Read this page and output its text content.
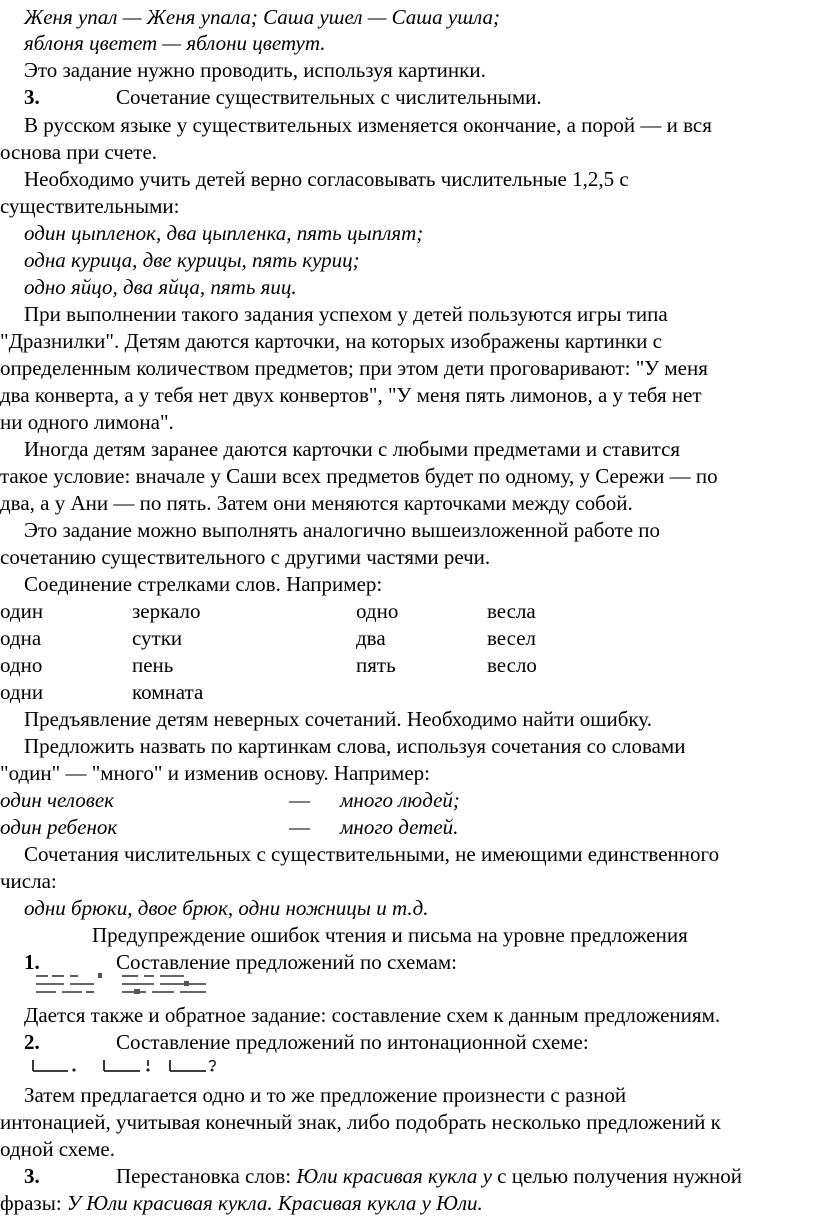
Женя упал — Женя упала; Саша ушел — Саша ушла;
яблоня цветет — яблони цветут.
Это задание нужно проводить, используя картинки.
3.	Сочетание существительных с числительными.
В русском языке у существительных изменяется окончание, а порой — и вся
основа при счете.
Необходимо учить детей верно согласовывать числительные 1,2,5 с
существительными:
один цыпленок, два цыпленка, пять цыплят;
одна курица, две курицы, пять куриц;
одно яйцо, два яйца, пять яиц.
При выполнении такого задания успехом у детей пользуются игры типа
"Дразнилки". Детям даются карточки, на которых изображены картинки с
определенным количеством предметов; при этом дети проговаривают: "У меня
два конверта, а у тебя нет двух конвертов", "У меня пять лимонов, а у тебя нет
ни одного лимона".
Иногда детям заранее даются карточки с любыми предметами и ставится
такое условие: вначале у Саши всех предметов будет по одному, у Сережи — по
два, а у Ани — по пять. Затем они меняются карточками между собой.
Это задание можно выполнять аналогично вышеизложенной работе по
сочетанию существительного с другими частями речи.
Соединение стрелками слов. Например:
один	зеркало	одно	весла
одна	сутки	два	весел
одно	пень	пять	весло
одни	комната
Предъявление детям неверных сочетаний. Необходимо найти ошибку.
Предложить назвать по картинкам слова, используя сочетания со словами
"один" — "много" и изменив основу. Например:
один человек	— много людей;
один ребенок	— много детей.
Сочетания числительных с существительными, не имеющими единственного
числа:
одни брюки, двое брюк, одни ножницы и т.д.
Предупреждение ошибок чтения и письма на уровне предложения
1.	Составление предложений по схемам:
Дается также и обратное задание: составление схем к данным предложениям.
2.	Составление предложений по интонационной схеме:
Затем предлагается одно и то же предложение произнести с разной
интонацией, учитывая конечный знак, либо подобрать несколько предложений к
одной схеме.
3.	Перестановка слов: Юли красивая кукла у с целью получения нужной
фразы: У Юли красивая кукла. Красивая кукла у Юли.
